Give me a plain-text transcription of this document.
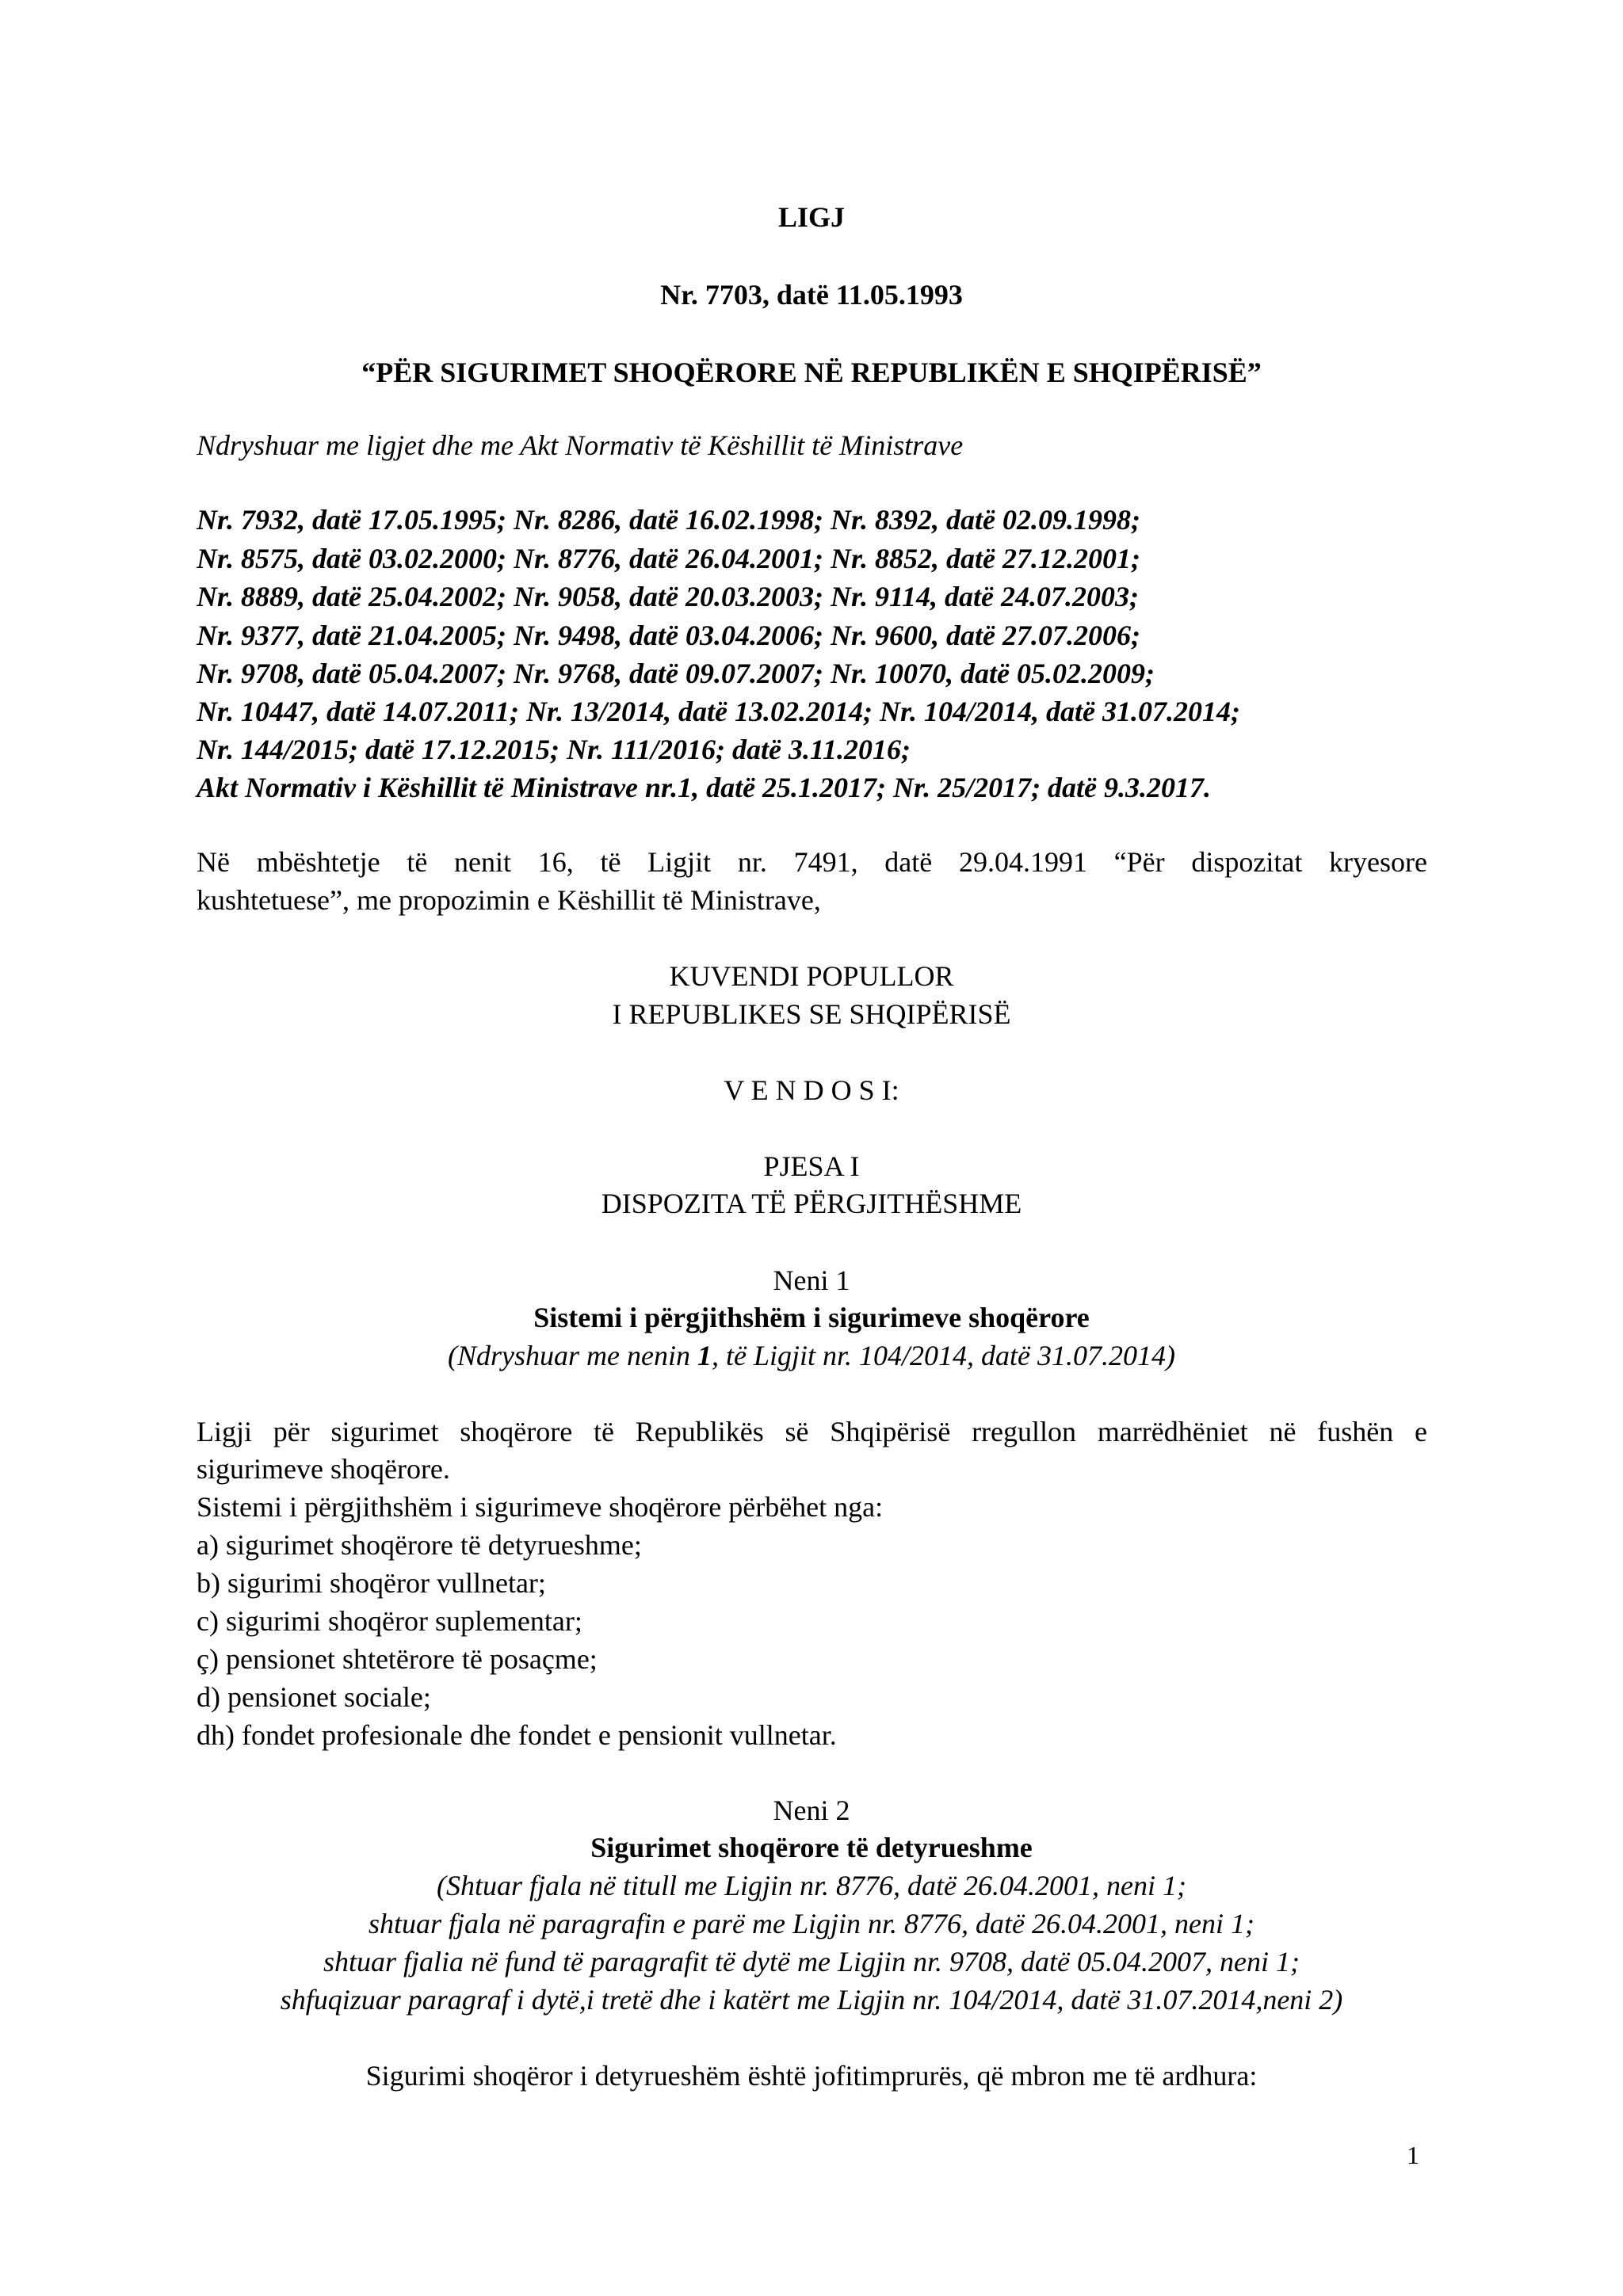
LIGJ
Nr. 7703, datë 11.05.1993
“PËR SIGURIMET SHOQËRORE NË REPUBLIKËN E SHQIPËRISË”
Ndryshuar me ligjet dhe me Akt Normativ të Këshillit të Ministrave
Nr. 7932, datë 17.05.1995; Nr. 8286, datë 16.02.1998; Nr. 8392, datë 02.09.1998;
Nr. 8575, datë 03.02.2000; Nr. 8776, datë 26.04.2001; Nr. 8852, datë 27.12.2001;
Nr. 8889, datë 25.04.2002; Nr. 9058, datë 20.03.2003; Nr. 9114, datë 24.07.2003;
Nr. 9377, datë 21.04.2005; Nr. 9498, datë 03.04.2006; Nr. 9600, datë 27.07.2006;
Nr. 9708, datë 05.04.2007; Nr. 9768, datë 09.07.2007; Nr. 10070, datë 05.02.2009;
Nr. 10447, datë 14.07.2011; Nr. 13/2014, datë 13.02.2014; Nr. 104/2014, datë 31.07.2014;
Nr. 144/2015; datë 17.12.2015; Nr. 111/2016; datë 3.11.2016;
Akt Normativ i Këshillit të Ministrave nr.1, datë 25.1.2017; Nr. 25/2017; datë 9.3.2017.
Në mbështetje të nenit 16, të Ligjit nr. 7491, datë 29.04.1991 “Për dispozitat kryesore
kushtetuese”, me propozimin e Këshillit të Ministrave,
KUVENDI POPULLOR
I REPUBLIKES SE SHQIPËRISË
V E N D O S I:
PJESA I
DISPOZITA TË PËRGJITHËSHME
Neni 1
Sistemi i përgjithshëm i sigurimeve shoqërore
(Ndryshuar me nenin 1, të Ligjit nr. 104/2014, datë 31.07.2014)
Ligji për sigurimet shoqërore të Republikës së Shqipërisë rregullon marrëdhëniet në fushën e
sigurimeve shoqërore.
Sistemi i përgjithshëm i sigurimeve shoqërore përbëhet nga:
a) sigurimet shoqërore të detyrueshme;
b) sigurimi shoqëror vullnetar;
c) sigurimi shoqëror suplementar;
ç) pensionet shtetërore të posaçme;
d) pensionet sociale;
dh) fondet profesionale dhe fondet e pensionit vullnetar.
Neni 2
Sigurimet shoqërore të detyrueshme
(Shtuar fjala në titull me Ligjin nr. 8776, datë 26.04.2001, neni 1;
shtuar fjala në paragrafin e parë me Ligjin nr. 8776, datë 26.04.2001, neni 1;
shtuar fjalia në fund të paragrafit të dytë me Ligjin nr. 9708, datë 05.04.2007, neni 1;
shfuqizuar paragraf i dytë,i tretë dhe i katërt me Ligjin nr. 104/2014, datë 31.07.2014,neni 2)
Sigurimi shoqëror i detyrueshëm është jofitimprurës, që mbron me të ardhura:
1
